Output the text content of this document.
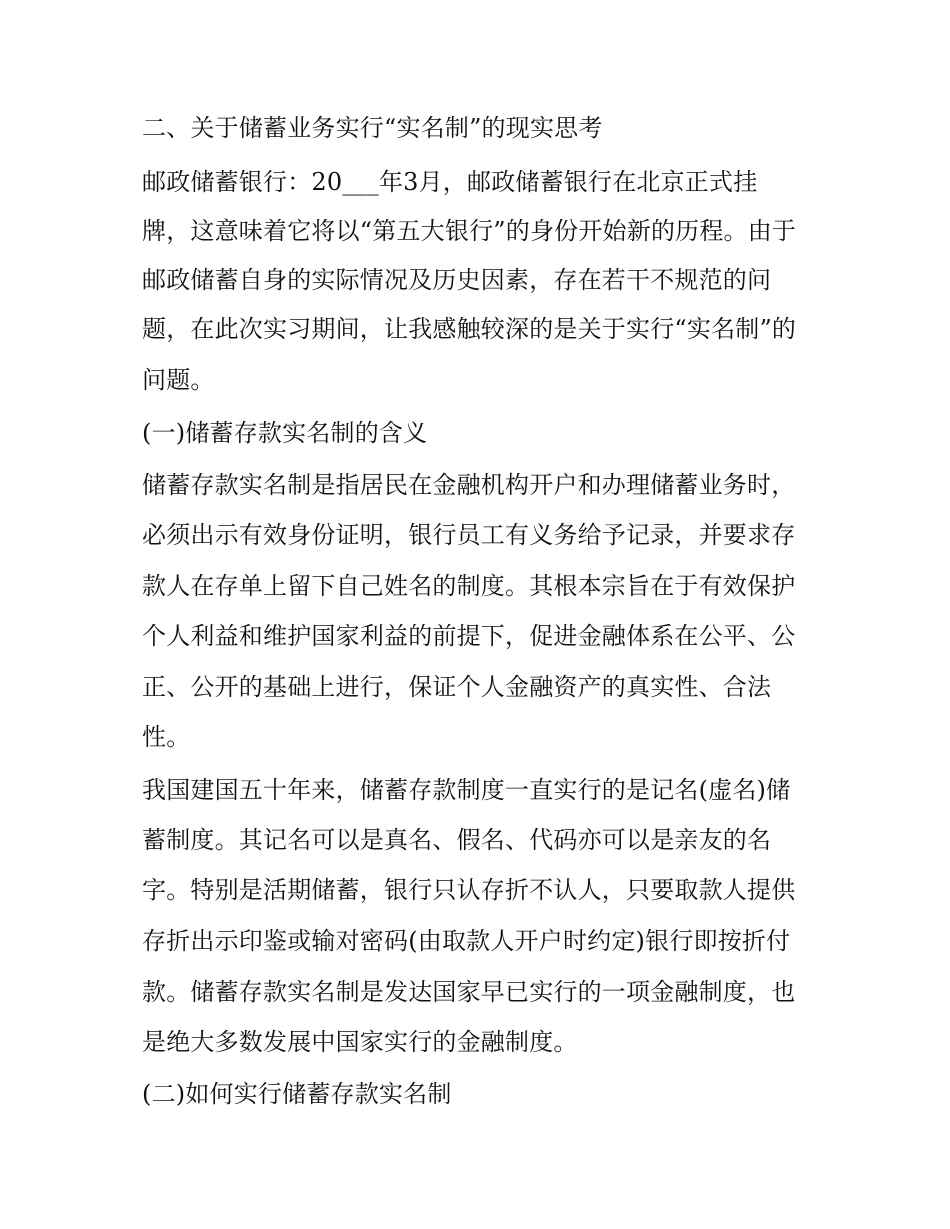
二、关于储蓄业务实行“实名制”的现实思考
邮政储蓄银行：20___年3月，邮政储蓄银行在北京正式挂
牌，这意味着它将以“第五大银行”的身份开始新的历程。由于
邮政储蓄自身的实际情况及历史因素，存在若干不规范的问
题，在此次实习期间，让我感触较深的是关于实行“实名制”的
问题。
(一)储蓄存款实名制的含义
储蓄存款实名制是指居民在金融机构开户和办理储蓄业务时，
必须出示有效身份证明，银行员工有义务给予记录，并要求存
款人在存单上留下自己姓名的制度。其根本宗旨在于有效保护
个人利益和维护国家利益的前提下，促进金融体系在公平、公
正、公开的基础上进行，保证个人金融资产的真实性、合法
性。
我国建国五十年来，储蓄存款制度一直实行的是记名(虚名)储
蓄制度。其记名可以是真名、假名、代码亦可以是亲友的名
字。特别是活期储蓄，银行只认存折不认人，只要取款人提供
存折出示印鉴或输对密码(由取款人开户时约定)银行即按折付
款。储蓄存款实名制是发达国家早已实行的一项金融制度，也
是绝大多数发展中国家实行的金融制度。
(二)如何实行储蓄存款实名制
